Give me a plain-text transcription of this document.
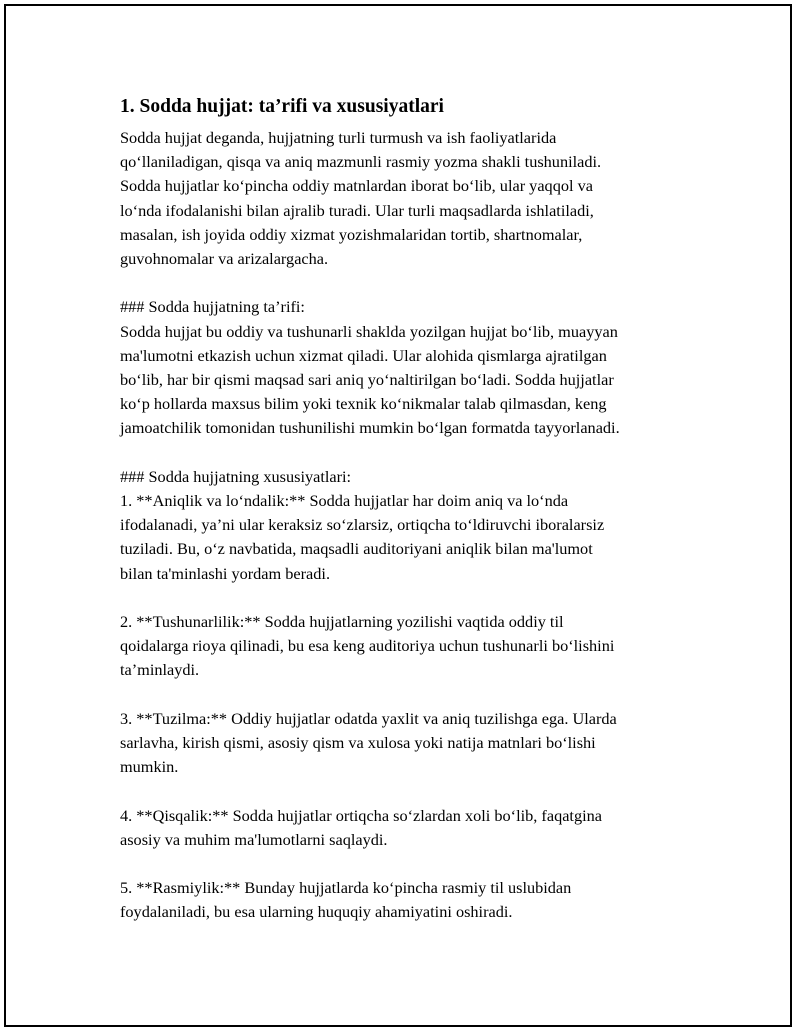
1. Sodda hujjat: ta’rifi va xususiyatlari
Sodda hujjat deganda, hujjatning turli turmush va ish faoliyatlarida
qo‘llaniladigan, qisqa va aniq mazmunli rasmiy yozma shakli tushuniladi.
Sodda hujjatlar ko‘pincha oddiy matnlardan iborat bo‘lib, ular yaqqol va
lo‘nda ifodalanishi bilan ajralib turadi. Ular turli maqsadlarda ishlatiladi,
masalan, ish joyida oddiy xizmat yozishmalaridan tortib, shartnomalar,
guvohnomalar va arizalargacha.
### Sodda hujjatning ta’rifi:
Sodda hujjat bu oddiy va tushunarli shaklda yozilgan hujjat bo‘lib, muayyan
ma'lumotni etkazish uchun xizmat qiladi. Ular alohida qismlarga ajratilgan
bo‘lib, har bir qismi maqsad sari aniq yo‘naltirilgan bo‘ladi. Sodda hujjatlar
ko‘p hollarda maxsus bilim yoki texnik ko‘nikmalar talab qilmasdan, keng
jamoatchilik tomonidan tushunilishi mumkin bo‘lgan formatda tayyorlanadi.
### Sodda hujjatning xususiyatlari:
1. **Aniqlik va lo‘ndalik:** Sodda hujjatlar har doim aniq va lo‘nda
ifodalanadi, ya’ni ular keraksiz so‘zlarsiz, ortiqcha to‘ldiruvchi iboralarsiz
tuziladi. Bu, o‘z navbatida, maqsadli auditoriyani aniqlik bilan ma'lumot
bilan ta'minlashi yordam beradi.
2. **Tushunarlilik:** Sodda hujjatlarning yozilishi vaqtida oddiy til
qoidalarga rioya qilinadi, bu esa keng auditoriya uchun tushunarli bo‘lishini
ta’minlaydi.
3. **Tuzilma:** Oddiy hujjatlar odatda yaxlit va aniq tuzilishga ega. Ularda
sarlavha, kirish qismi, asosiy qism va xulosa yoki natija matnlari bo‘lishi
mumkin.
4. **Qisqalik:** Sodda hujjatlar ortiqcha so‘zlardan xoli bo‘lib, faqatgina
asosiy va muhim ma'lumotlarni saqlaydi.
5. **Rasmiylik:** Bunday hujjatlarda ko‘pincha rasmiy til uslubidan
foydalaniladi, bu esa ularning huquqiy ahamiyatini oshiradi.
